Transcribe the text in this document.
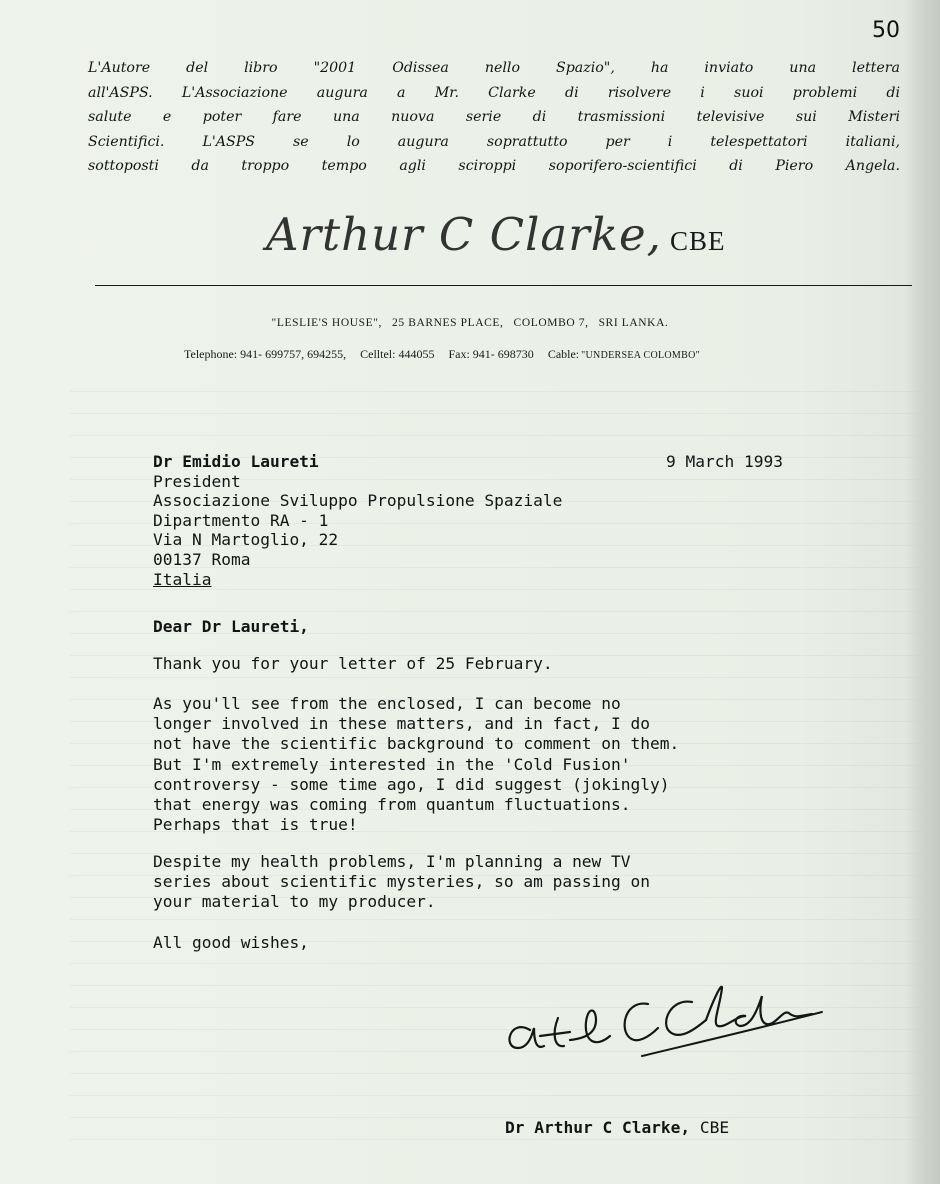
50
L'Autore del libro "2001 Odissea nello Spazio", ha inviato una lettera
all'ASPS. L'Associazione augura a Mr. Clarke di risolvere i suoi problemi di
salute e poter fare una nuova serie di trasmissioni televisive sui Misteri
Scientifici. L'ASPS se lo augura soprattutto per i telespettatori italiani,
sottoposti da troppo tempo agli sciroppi soporifero-scientifici di Piero Angela.
Arthur C Clarke, CBE
"LESLIE'S HOUSE", 25 BARNES PLACE, COLOMBO 7, SRI LANKA.
Telephone: 941- 699757, 694255, Celltel: 444055 Fax: 941- 698730 Cable: "UNDERSEA COLOMBO"
Dr Emidio Laureti
President
Associazione Sviluppo Propulsione Spaziale
Dipartmento RA - 1
Via N Martoglio, 22
00137 Roma
Italia
9 March 1993
Dear Dr Laureti,
Thank you for your letter of 25 February.
As you'll see from the enclosed, I can become no
longer involved in these matters, and in fact, I do
not have the scientific background to comment on them.
But I'm extremely interested in the 'Cold Fusion'
controversy - some time ago, I did suggest (jokingly)
that energy was coming from quantum fluctuations.
Perhaps that is true!
Despite my health problems, I'm planning a new TV
series about scientific mysteries, so am passing on
your material to my producer.
All good wishes,
Dr Arthur C Clarke, CBE
